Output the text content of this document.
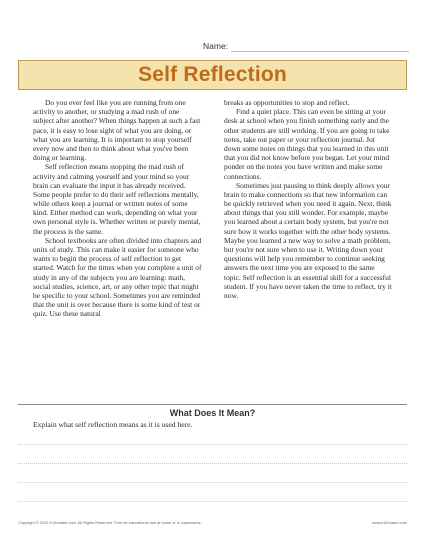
Name:
Self Reflection

Do you ever feel like you are running from one activity to another, or studying a mad rush of one subject after another? When things happen at such a fast pace, it is easy to lose sight of what you are doing, or what you are learning. It is important to stop yourself every now and then to think about what you've been doing or learning.

Self reflection means stopping the mad rush of activity and calming yourself and your mind so your brain can evaluate the input it has already received. Some people prefer to do their self reflections mentally, while others keep a journal or written notes of some kind. Either method can work, depending on what your own personal style is. Whether written or purely mental, the process is the same.

School textbooks are often divided into chapters and units of study. This can make it easier for someone who wants to begin the process of self reflection to get started. Watch for the times when you complete a unit of study in any of the subjects you are learning: math, social studies, science, art, or any other topic that might be specific to your school. Sometimes you are reminded that the unit is over because there is some kind of test or quiz. Use these natural

breaks as opportunities to stop and reflect.

Find a quiet place. This can even be sitting at your desk at school when you finish something early and the other students are still working. If you are going to take notes, take out paper or your reflection journal. Jot down some notes on things that you learned in this unit that you did not know before you began. Let your mind ponder on the notes you have written and make some connections.

Sometimes just pausing to think deeply allows your brain to make connections so that new information can be quickly retrieved when you need it again. Next, think about things that you still wonder. For example, maybe you learned about a certain body system, but you're not sure how it works together with the other body systems. Maybe you learned a new way to solve a math problem, but you're not sure when to use it. Writing down your questions will help you remember to continue seeking answers the next time you are exposed to the same topic. Self reflection is an essential skill for a successful student. If you have never taken the time to reflect, try it now.

What Does It Mean?
Explain what self reflection means as it is used here.
Copyright © 2012 K12reader.com. All Rights Reserved. Free for educational use at home or in classrooms.	www.k12reader.com
